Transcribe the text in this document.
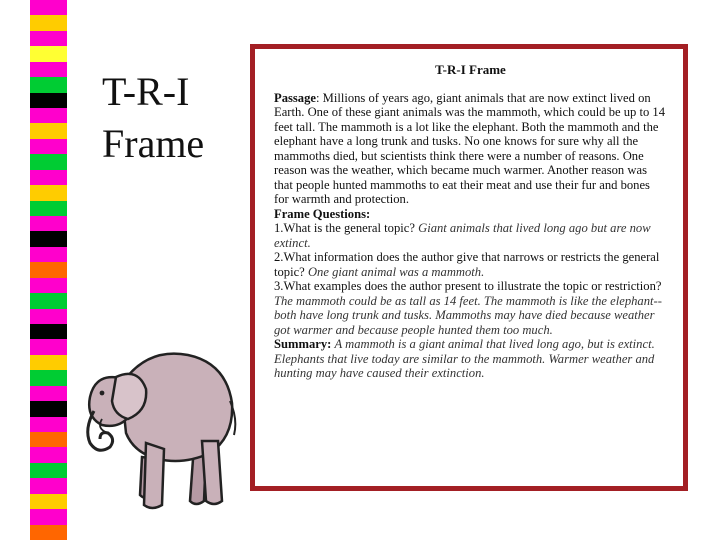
T-R-I
Frame
T-R-I Frame

Passage: Millions of years ago, giant animals that are now extinct lived on Earth. One of these giant animals was the mammoth, which could be up to 14 feet tall. The mammoth is a lot like the elephant. Both the mammoth and the elephant have a long trunk and tusks. No one knows for sure why all the mammoths died, but scientists think there were a number of reasons. One reason was the weather, which became much warmer. Another reason was that people hunted mammoths to eat their meat and use their fur and bones for warmth and protection.

Frame Questions:

1.What is the general topic? Giant animals that lived long ago but are now extinct.

2.What information does the author give that narrows or restricts the general topic? One giant animal was a mammoth.

3.What examples does the author present to illustrate the topic or restriction? The mammoth could be as tall as 14 feet. The mammoth is like the elephant--both have long trunk and tusks. Mammoths may have died because weather got warmer and because people hunted them too much.

Summary: A mammoth is a giant animal that lived long ago, but is extinct. Elephants that live today are similar to the mammoth. Warmer weather and hunting may have caused their extinction.
